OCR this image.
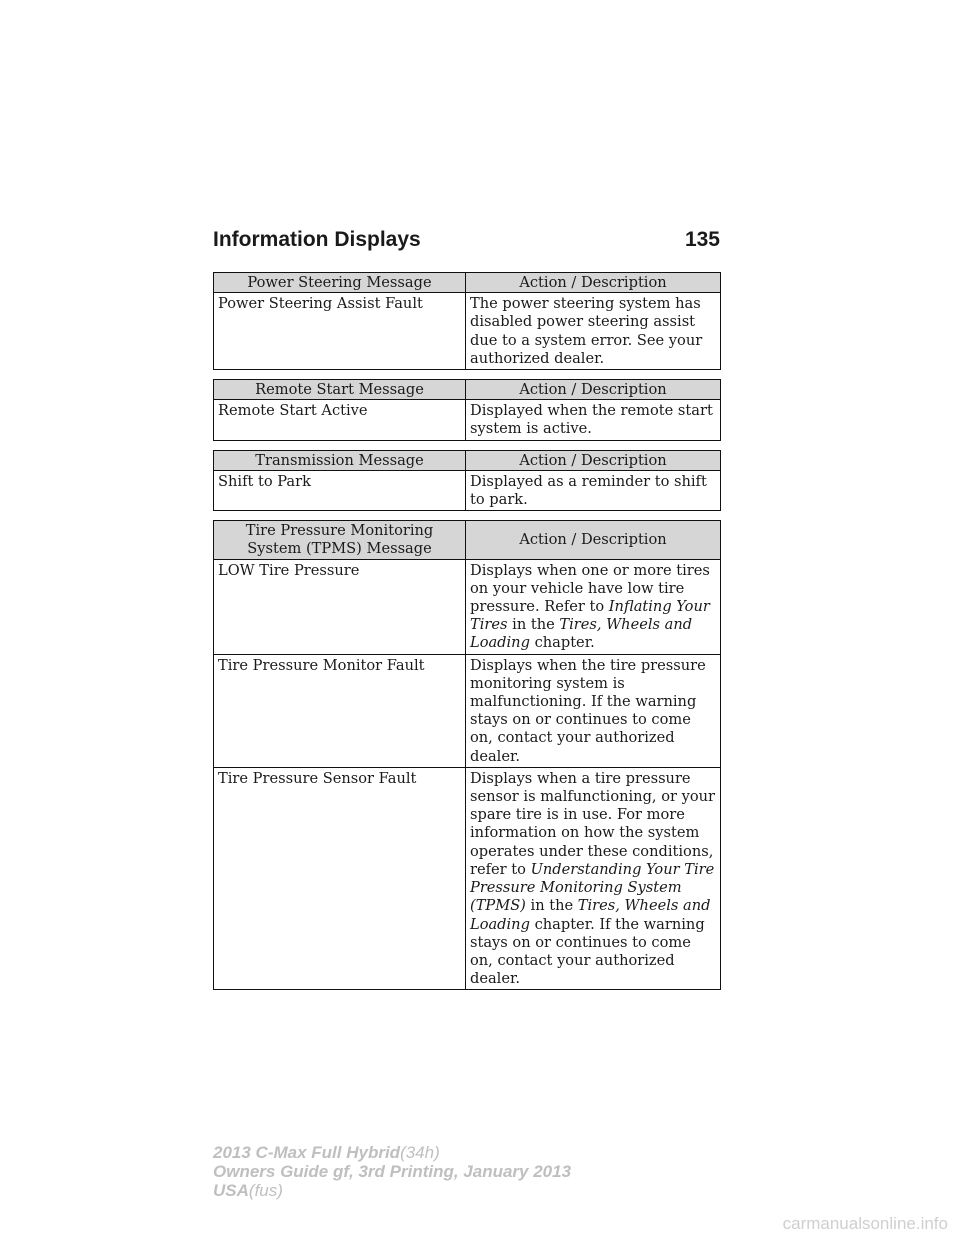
Information Displays	135
Power Steering Message	Action / Description
Power Steering Assist Fault	The power steering system has disabled power steering assist due to a system error. See your authorized dealer.
Remote Start Message	Action / Description
Remote Start Active	Displayed when the remote start system is active.
Transmission Message	Action / Description
Shift to Park	Displayed as a reminder to shift to park.
Tire Pressure Monitoring System (TPMS) Message	Action / Description
LOW Tire Pressure	Displays when one or more tires on your vehicle have low tire pressure. Refer to Inflating Your Tires in the Tires, Wheels and Loading chapter.
Tire Pressure Monitor Fault	Displays when the tire pressure monitoring system is malfunctioning. If the warning stays on or continues to come on, contact your authorized dealer.
Tire Pressure Sensor Fault	Displays when a tire pressure sensor is malfunctioning, or your spare tire is in use. For more information on how the system operates under these conditions, refer to Understanding Your Tire Pressure Monitoring System (TPMS) in the Tires, Wheels and Loading chapter. If the warning stays on or continues to come on, contact your authorized dealer.
2013 C-Max Full Hybrid(34h)
Owners Guide gf, 3rd Printing, January 2013
USA(fus)
carmanualsonline.info
